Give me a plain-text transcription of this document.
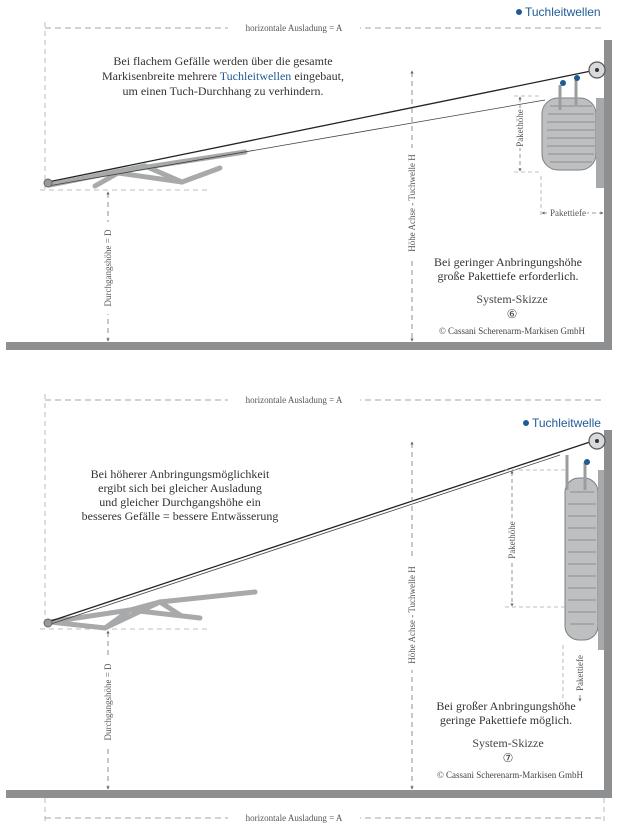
horizontale Ausladung = A
Tuchleitwellen
Bei flachem Gefälle werden über die gesamte
Markisenbreite mehrere Tuchleitwellen eingebaut,
um einen Tuch-Durchhang zu verhindern.
Durchgangshöhe = D
Höhe Achse - Tuchwelle H
Pakethöhe
Pakettiefe
Bei geringer Anbringungshöhe
große Pakettiefe erforderlich.
System-Skizze
⑥
© Cassani Scherenarm-Markisen GmbH
horizontale Ausladung = A
Tuchleitwelle
Bei höherer Anbringungsmöglichkeit
ergibt sich bei gleicher Ausladung
und gleicher Durchgangshöhe ein
besseres Gefälle = bessere Entwässerung
Durchgangshöhe = D
Höhe Achse - Tuchwelle H
Pakethöhe
Pakettiefe
Bei großer Anbringungshöhe
geringe Pakettiefe möglich.
System-Skizze
⑦
© Cassani Scherenarm-Markisen GmbH
horizontale Ausladung = A
